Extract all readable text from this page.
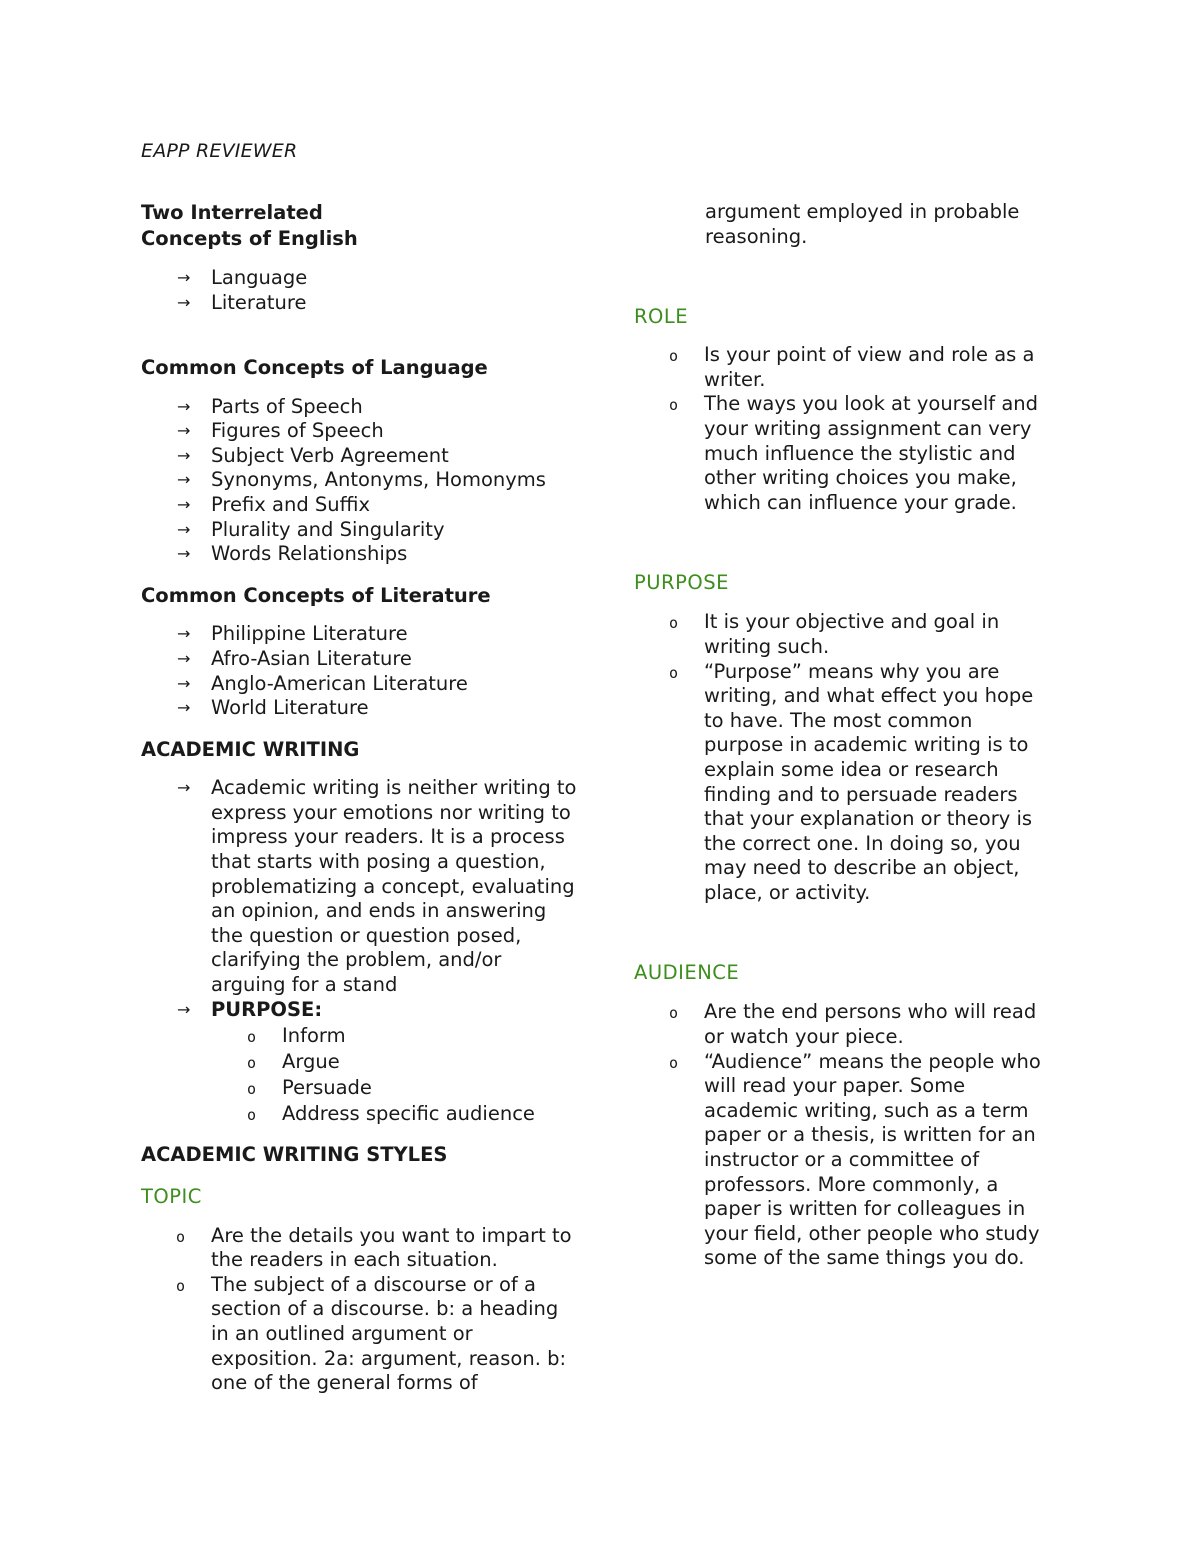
EAPP REVIEWER
Two Interrelated
Concepts of English
→ Language
→ Literature
Common Concepts of Language
→ Parts of Speech
→ Figures of Speech
→ Subject Verb Agreement
→ Synonyms, Antonyms, Homonyms
→ Prefix and Suffix
→ Plurality and Singularity
→ Words Relationships
Common Concepts of Literature
→ Philippine Literature
→ Afro-Asian Literature
→ Anglo-American Literature
→ World Literature
ACADEMIC WRITING
→ Academic writing is neither writing to express your emotions nor writing to impress your readers. It is a process that starts with posing a question, problematizing a concept, evaluating an opinion, and ends in answering the question or question posed, clarifying the problem, and/or arguing for a stand
→ PURPOSE:
o Inform
o Argue
o Persuade
o Address specific audience
ACADEMIC WRITING STYLES
TOPIC
o Are the details you want to impart to the readers in each situation.
o The subject of a discourse or of a section of a discourse. b: a heading in an outlined argument or exposition. 2a: argument, reason. b: one of the general forms of

argument employed in probable reasoning.

ROLE
o Is your point of view and role as a writer.
o The ways you look at yourself and your writing assignment can very much influence the stylistic and other writing choices you make, which can influence your grade.
PURPOSE
o It is your objective and goal in writing such.
o “Purpose” means why you are writing, and what effect you hope to have. The most common purpose in academic writing is to explain some idea or research finding and to persuade readers that your explanation or theory is the correct one. In doing so, you may need to describe an object, place, or activity.
AUDIENCE
o Are the end persons who will read or watch your piece.
o “Audience” means the people who will read your paper. Some academic writing, such as a term paper or a thesis, is written for an instructor or a committee of professors. More commonly, a paper is written for colleagues in your field, other people who study some of the same things you do.
